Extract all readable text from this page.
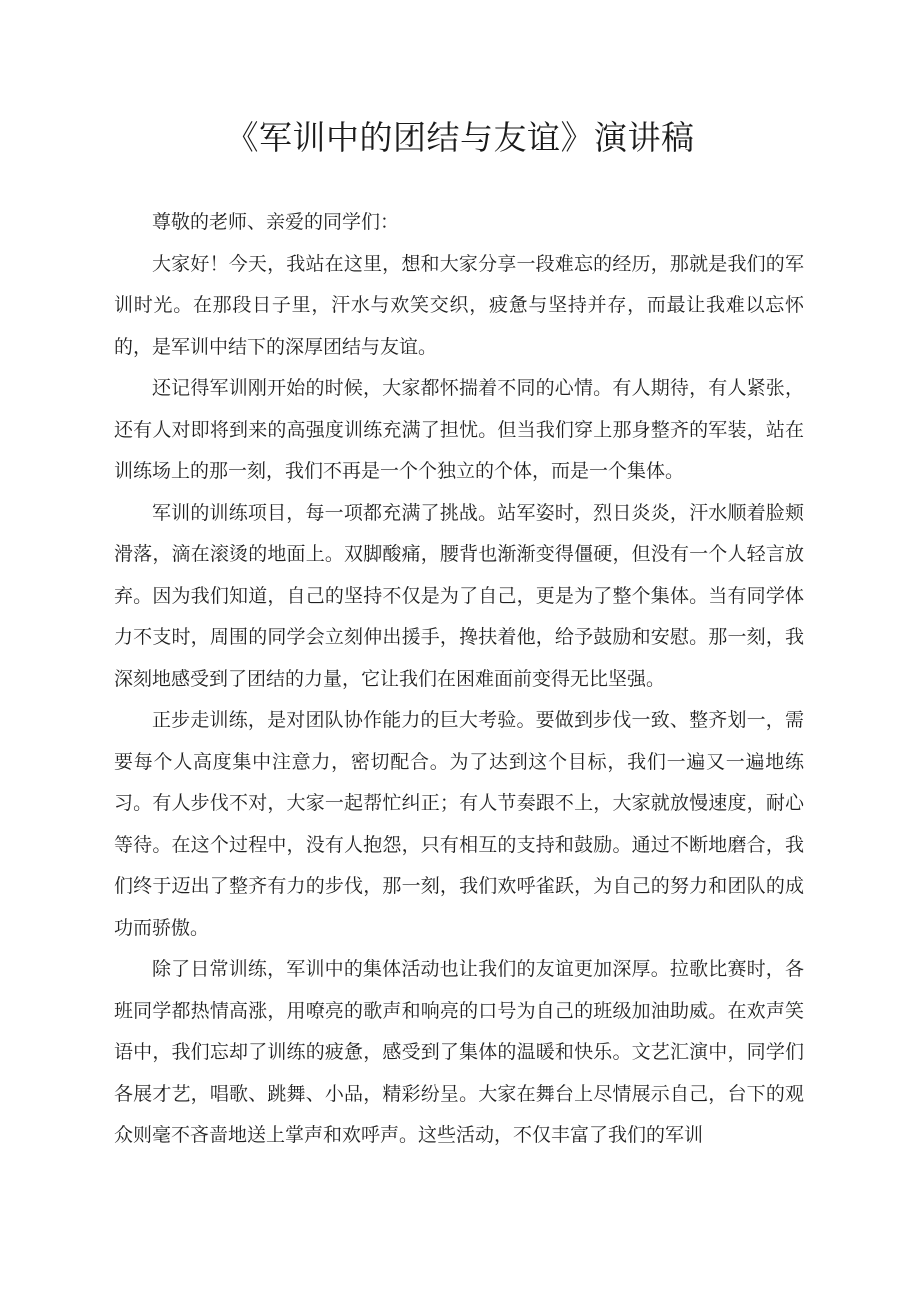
《军训中的团结与友谊》演讲稿

尊敬的老师、亲爱的同学们：

大家好！今天，我站在这里，想和大家分享一段难忘的经历，那就是我们的军训时光。在那段日子里，汗水与欢笑交织，疲惫与坚持并存，而最让我难以忘怀的，是军训中结下的深厚团结与友谊。

还记得军训刚开始的时候，大家都怀揣着不同的心情。有人期待，有人紧张，还有人对即将到来的高强度训练充满了担忧。但当我们穿上那身整齐的军装，站在训练场上的那一刻，我们不再是一个个独立的个体，而是一个集体。

军训的训练项目，每一项都充满了挑战。站军姿时，烈日炎炎，汗水顺着脸颊滑落，滴在滚烫的地面上。双脚酸痛，腰背也渐渐变得僵硬，但没有一个人轻言放弃。因为我们知道，自己的坚持不仅是为了自己，更是为了整个集体。当有同学体力不支时，周围的同学会立刻伸出援手，搀扶着他，给予鼓励和安慰。那一刻，我深刻地感受到了团结的力量，它让我们在困难面前变得无比坚强。

正步走训练，是对团队协作能力的巨大考验。要做到步伐一致、整齐划一，需要每个人高度集中注意力，密切配合。为了达到这个目标，我们一遍又一遍地练习。有人步伐不对，大家一起帮忙纠正；有人节奏跟不上，大家就放慢速度，耐心等待。在这个过程中，没有人抱怨，只有相互的支持和鼓励。通过不断地磨合，我们终于迈出了整齐有力的步伐，那一刻，我们欢呼雀跃，为自己的努力和团队的成功而骄傲。

除了日常训练，军训中的集体活动也让我们的友谊更加深厚。拉歌比赛时，各班同学都热情高涨，用嘹亮的歌声和响亮的口号为自己的班级加油助威。在欢声笑语中，我们忘却了训练的疲惫，感受到了集体的温暖和快乐。文艺汇演中，同学们各展才艺，唱歌、跳舞、小品，精彩纷呈。大家在舞台上尽情展示自己，台下的观众则毫不吝啬地送上掌声和欢呼声。这些活动，不仅丰富了我们的军训
